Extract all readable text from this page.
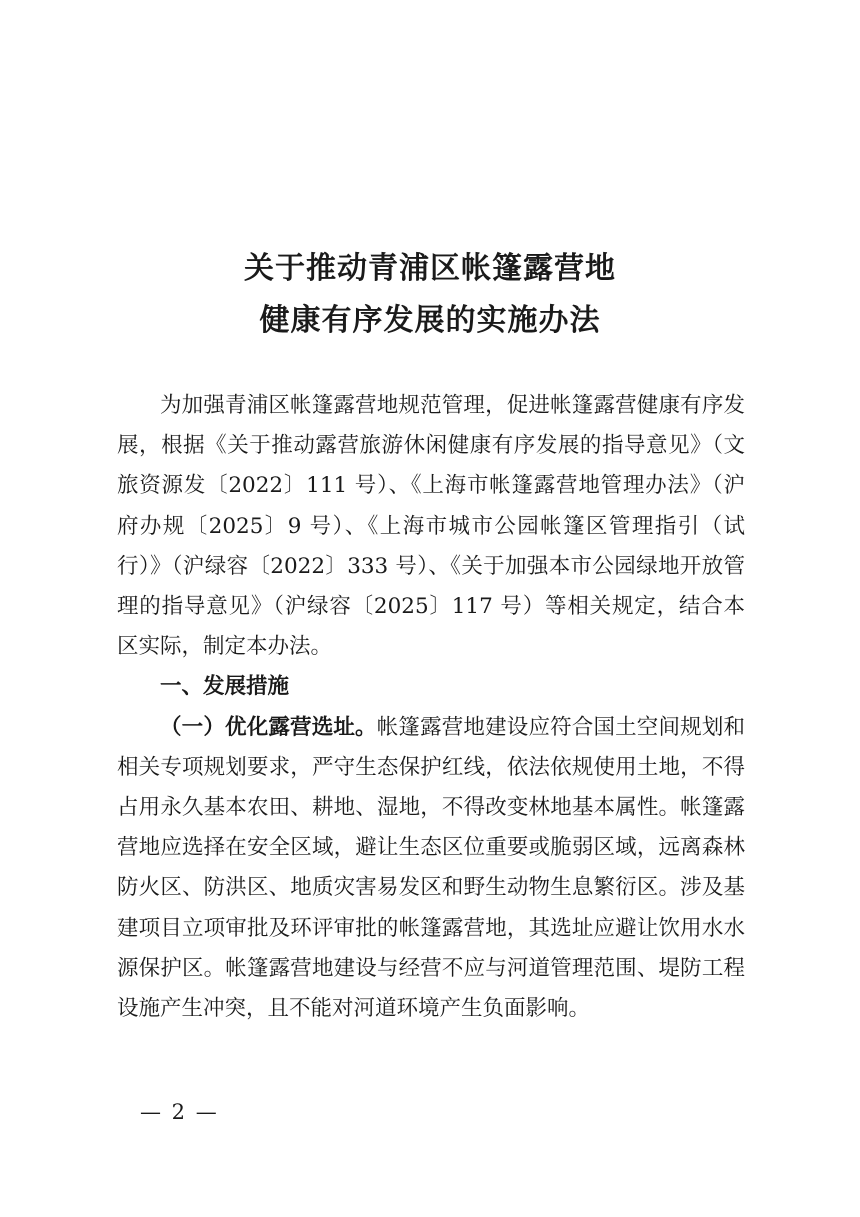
关于推动青浦区帐篷露营地

健康有序发展的实施办法

为加强青浦区帐篷露营地规范管理，促进帐篷露营健康有序发展，根据《关于推动露营旅游休闲健康有序发展的指导意见》（文旅资源发〔2022〕111 号）、《上海市帐篷露营地管理办法》（沪府办规〔2025〕9 号）、《上海市城市公园帐篷区管理指引（试行）》（沪绿容〔2022〕333 号）、《关于加强本市公园绿地开放管理的指导意见》（沪绿容〔2025〕117 号）等相关规定，结合本区实际，制定本办法。

一、发展措施

（一）优化露营选址。帐篷露营地建设应符合国土空间规划和相关专项规划要求，严守生态保护红线，依法依规使用土地，不得占用永久基本农田、耕地、湿地，不得改变林地基本属性。帐篷露营地应选择在安全区域，避让生态区位重要或脆弱区域，远离森林防火区、防洪区、地质灾害易发区和野生动物生息繁衍区。涉及基建项目立项审批及环评审批的帐篷露营地，其选址应避让饮用水水源保护区。帐篷露营地建设与经营不应与河道管理范围、堤防工程设施产生冲突，且不能对河道环境产生负面影响。

— 2 —
